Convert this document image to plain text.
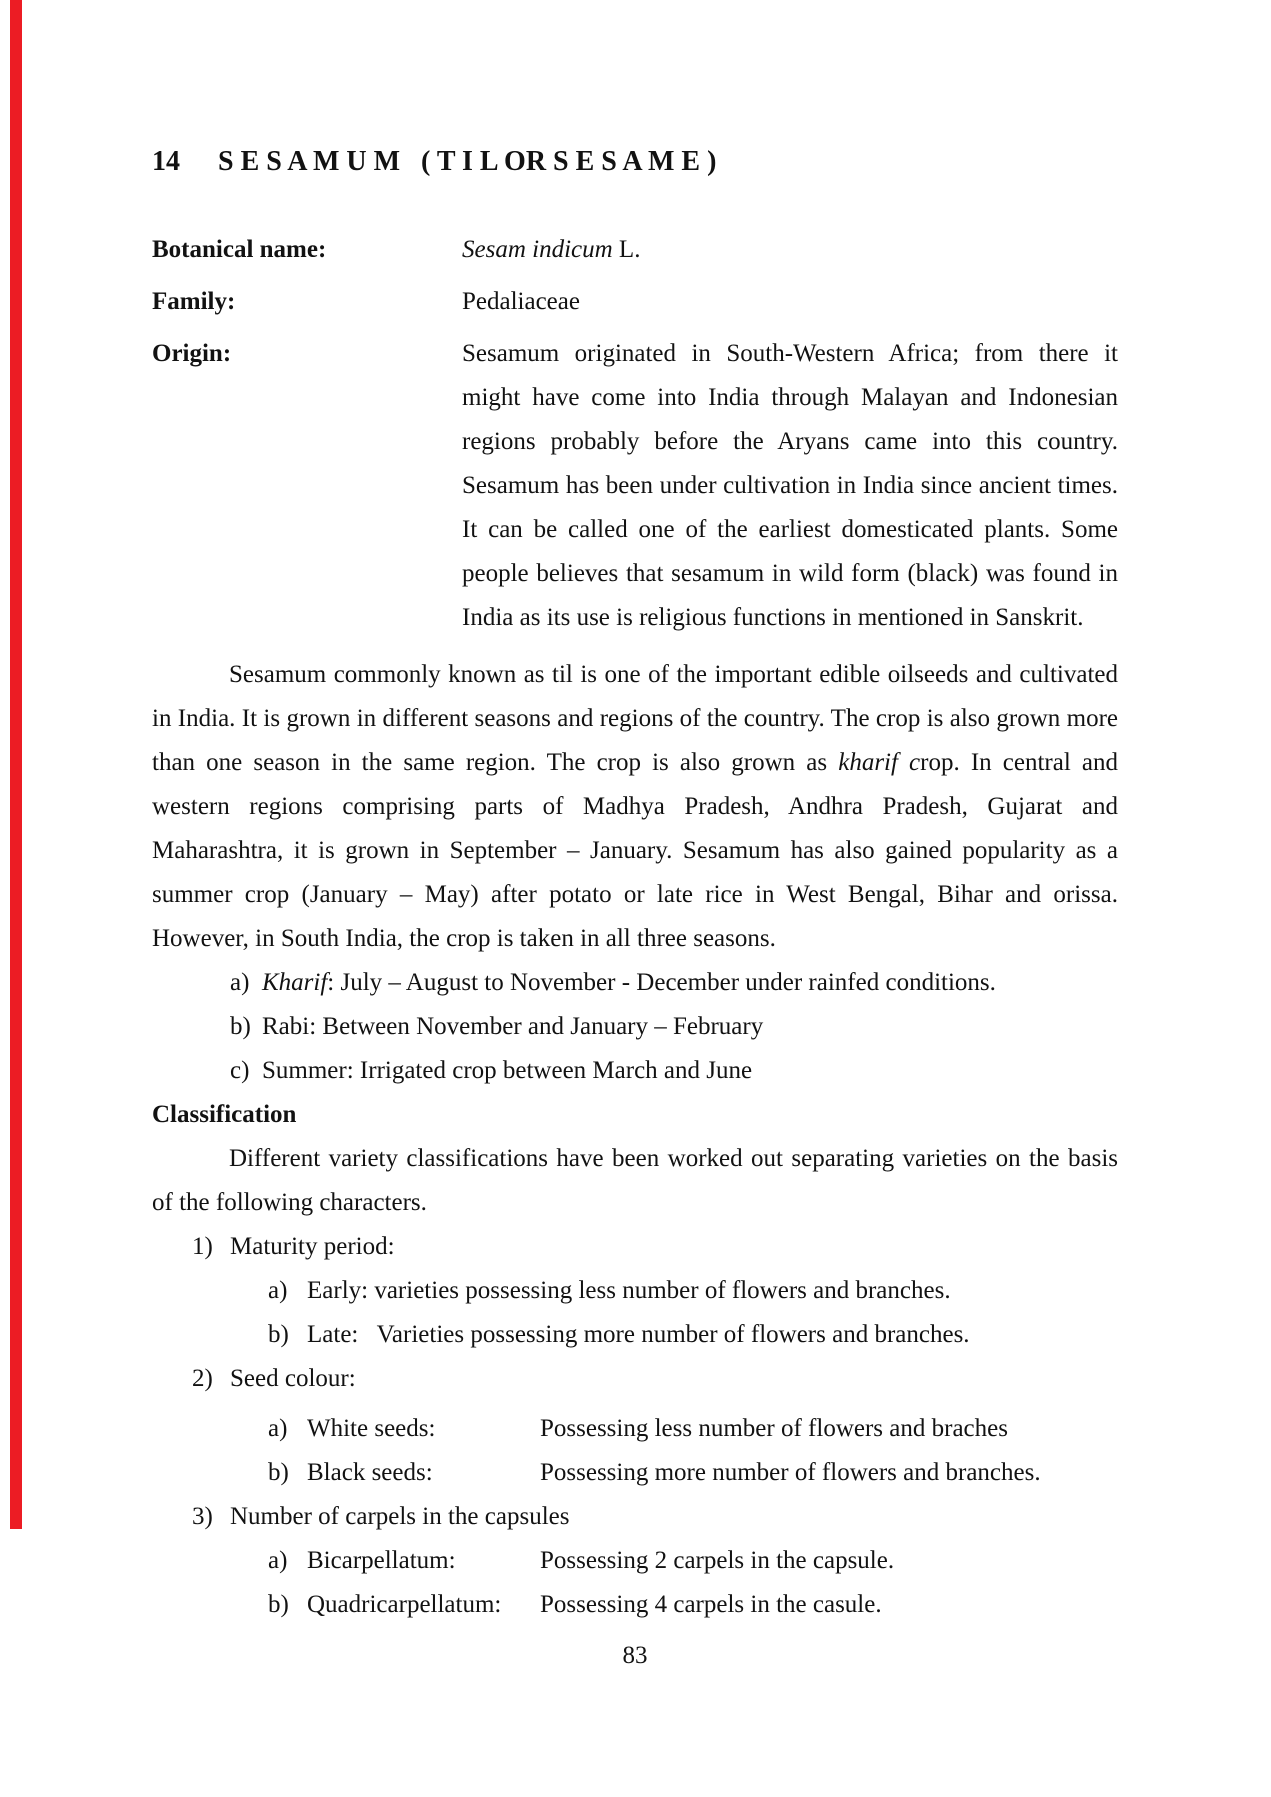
14	S E S A M U M   ( T I L OR S E S A M E )
Botanical name:	Sesam indicum L.
Family:	Pedaliaceae
Origin:	Sesamum originated in South-Western Africa; from there it might have come into India through Malayan and Indonesian regions probably before the Aryans came into this country. Sesamum has been under cultivation in India since ancient times. It can be called one of the earliest domesticated plants. Some people believes that sesamum in wild form (black) was found in India as its use is religious functions in mentioned in Sanskrit.

Sesamum commonly known as til is one of the important edible oilseeds and cultivated in India. It is grown in different seasons and regions of the country. The crop is also grown more than one season in the same region. The crop is also grown as kharif crop. In central and western regions comprising parts of Madhya Pradesh, Andhra Pradesh, Gujarat and Maharashtra, it is grown in September – January. Sesamum has also gained popularity as a summer crop (January – May) after potato or late rice in West Bengal, Bihar and orissa. However, in South India, the crop is taken in all three seasons.

a) Kharif: July – August to November - December under rainfed conditions.
b) Rabi: Between November and January – February
c) Summer: Irrigated crop between March and June
Classification

Different variety classifications have been worked out separating varieties on the basis of the following characters.

1) Maturity period:
a) Early: varieties possessing less number of flowers and branches.
b) Late:   Varieties possessing more number of flowers and branches.
2) Seed colour:
a) White seeds:	Possessing less number of flowers and braches
b) Black seeds:	Possessing more number of flowers and branches.
3) Number of carpels in the capsules
a) Bicarpellatum:	Possessing 2 carpels in the capsule.
b) Quadricarpellatum:	Possessing 4 carpels in the casule.
83
